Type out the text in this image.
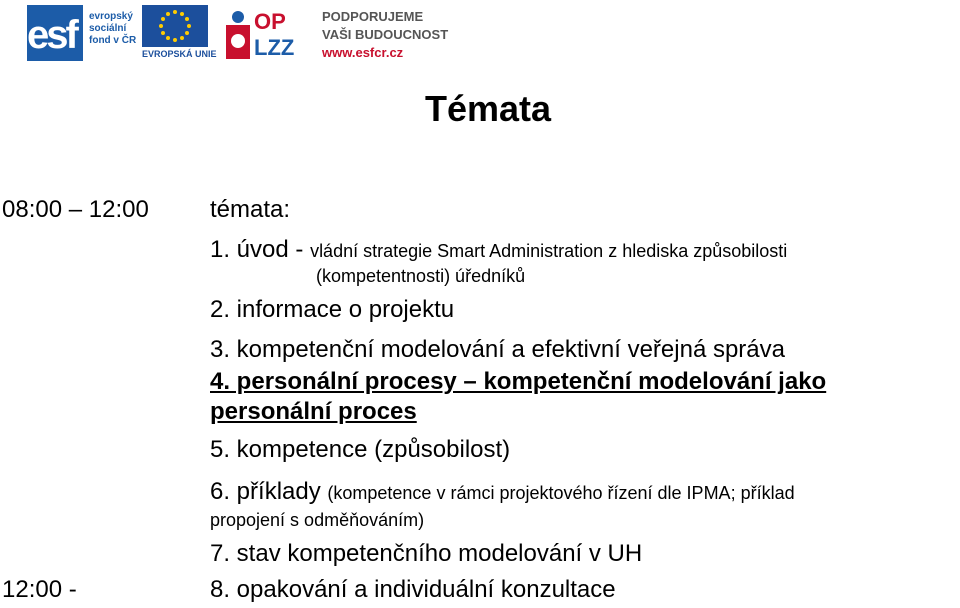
esf evropský
sociální
fond v ČR
EVROPSKÁ UNIE
OP
LZZ
PODPORUJEME
VAŠI BUDOUCNOST
www.esfcr.cz
Témata
08:00 – 12:00	témata:
1. úvod - vládní strategie Smart Administration z hlediska způsobilosti
(kompetentnosti) úředníků
2. informace o projektu
3. kompetenční modelování a efektivní veřejná správa
4. personální procesy – kompetenční modelování jako
personální proces
5. kompetence (způsobilost)
6. příklady (kompetence v rámci projektového řízení dle IPMA; příklad
propojení s odměňováním)
7. stav kompetenčního modelování v UH
12:00 -	8. opakování a individuální konzultace
